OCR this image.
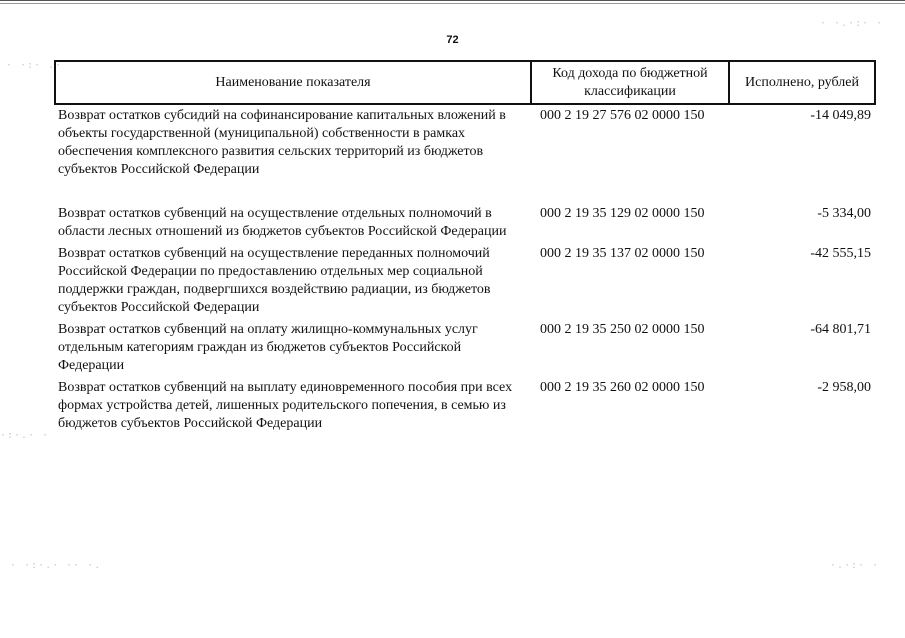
72
Наименование показателя	Код дохода по бюджетной классификации	Исполнено, рублей
Возврат остатков субсидий на софинансирование капитальных вложений в объекты государственной (муниципальной) собственности в рамках обеспечения комплексного развития сельских территорий из бюджетов субъектов Российской Федерации	000 2 19 27 576 02 0000 150	-14 049,89
Возврат остатков субвенций на осуществление отдельных полномочий в области лесных отношений из бюджетов субъектов Российской Федерации	000 2 19 35 129 02 0000 150	-5 334,00
Возврат остатков субвенций на осуществление переданных полномочий Российской Федерации по предоставлению отдельных мер социальной поддержки граждан, подвергшихся воздействию радиации, из бюджетов субъектов Российской Федерации	000 2 19 35 137 02 0000 150	-42 555,15
Возврат остатков субвенций на оплату жилищно-коммунальных услуг отдельным категориям граждан из бюджетов субъектов Российской Федерации	000 2 19 35 250 02 0000 150	-64 801,71
Возврат остатков субвенций на выплату единовременного пособия при всех формах устройства детей, лишенных родительского попечения, в семью из бюджетов субъектов Российской Федерации	000 2 19 35 260 02 0000 150	-2 958,00
· ·:· .·
· ·.·:· ·
·:·.· ·
· ·:·.· ·· ·.	·.·:· ·
